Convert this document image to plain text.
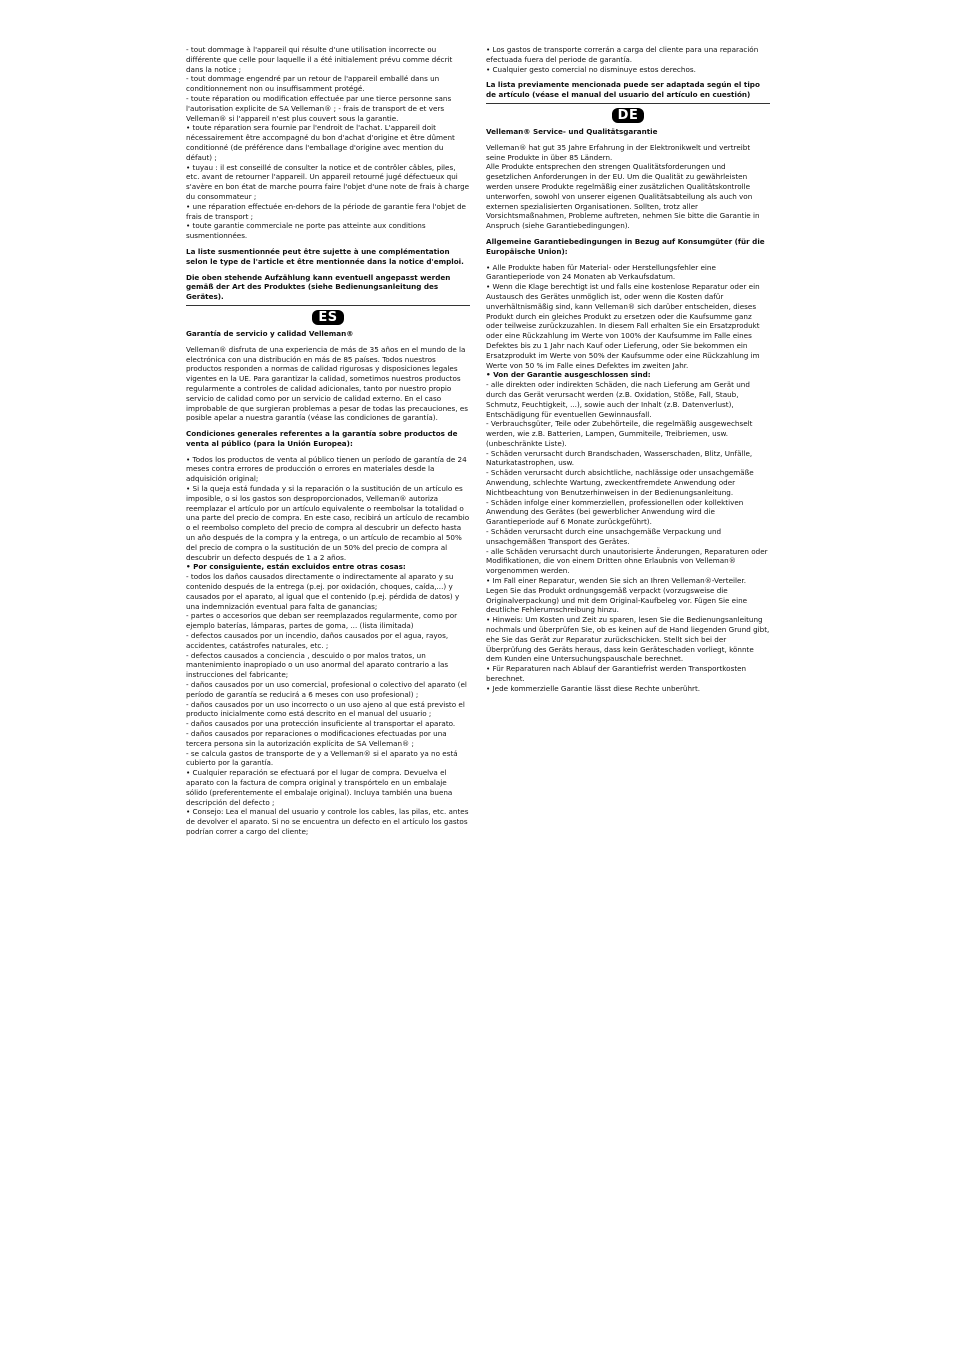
- tout dommage à l'appareil qui résulte d'une utilisation incorrecte ou différente que celle pour laquelle il a été initialement prévu comme décrit dans la notice ;
- tout dommage engendré par un retour de l'appareil emballé dans un conditionnement non ou insuffisamment protégé.
- toute réparation ou modification effectuée par une tierce personne sans l'autorisation explicite de SA Velleman® ; - frais de transport de et vers Velleman® si l'appareil n'est plus couvert sous la garantie.
• toute réparation sera fournie par l'endroit de l'achat. L'appareil doit nécessairement être accompagné du bon d'achat d'origine et être dûment conditionné (de préférence dans l'emballage d'origine avec mention du défaut) ;
• tuyau : il est conseillé de consulter la notice et de contrôler câbles, piles, etc. avant de retourner l'appareil. Un appareil retourné jugé défectueux qui s'avère en bon état de marche pourra faire l'objet d'une note de frais à charge du consommateur ;
• une réparation effectuée en-dehors de la période de garantie fera l'objet de frais de transport ;
• toute garantie commerciale ne porte pas atteinte aux conditions susmentionnées.

La liste susmentionnée peut être sujette à une complémentation selon le type de l'article et être mentionnée dans la notice d'emploi.

Die oben stehende Aufzählung kann eventuell angepasst werden gemäß der Art des Produktes (siehe Bedienungsanleitung des Gerätes).

ES

Garantía de servicio y calidad Velleman®

Velleman® disfruta de una experiencia de más de 35 años en el mundo de la electrónica con una distribución en más de 85 países. Todos nuestros productos responden a normas de calidad rigurosas y disposiciones legales vigentes en la UE. Para garantizar la calidad, sometimos nuestros productos regularmente a controles de calidad adicionales, tanto por nuestro propio servicio de calidad como por un servicio de calidad externo. En el caso improbable de que surgieran problemas a pesar de todas las precauciones, es posible apelar a nuestra garantía (véase las condiciones de garantía).

Condiciones generales referentes a la garantía sobre productos de venta al público (para la Unión Europea):

• Todos los productos de venta al público tienen un período de garantía de 24 meses contra errores de producción o errores en materiales desde la adquisición original;
• Si la queja está fundada y si la reparación o la sustitución de un artículo es imposible, o si los gastos son desproporcionados, Velleman® autoriza reemplazar el artículo por un artículo equivalente o reembolsar la totalidad o una parte del precio de compra. En este caso, recibirá un artículo de recambio o el reembolso completo del precio de compra al descubrir un defecto hasta un año después de la compra y la entrega, o un artículo de recambio al 50% del precio de compra o la sustitución de un 50% del precio de compra al descubrir un defecto después de 1 a 2 años.

• Por consiguiente, están excluidos entre otras cosas:

- todos los daños causados directamente o indirectamente al aparato y su contenido después de la entrega (p.ej. por oxidación, choques, caída,...) y causados por el aparato, al igual que el contenido (p.ej. pérdida de datos) y una indemnización eventual para falta de ganancias;
- partes o accesorios que deban ser reemplazados regularmente, como por ejemplo baterías, lámparas, partes de goma, ... (lista ilimitada)
- defectos causados por un incendio, daños causados por el agua, rayos, accidentes, catástrofes naturales, etc. ;
- defectos causados a conciencia , descuido o por malos tratos, un mantenimiento inapropiado o un uso anormal del aparato contrario a las instrucciones del fabricante;
- daños causados por un uso comercial, profesional o colectivo del aparato (el período de garantía se reducirá a 6 meses con uso profesional) ;
- daños causados por un uso incorrecto o un uso ajeno al que está previsto el producto inicialmente como está descrito en el manual del usuario ;
- daños causados por una protección insuficiente al transportar el aparato.
- daños causados por reparaciones o modificaciones efectuadas por una tercera persona sin la autorización explícita de SA Velleman® ;
- se calcula gastos de transporte de y a Velleman® si el aparato ya no está cubierto por la garantía.
• Cualquier reparación se efectuará por el lugar de compra. Devuelva el aparato con la factura de compra original y transpórtelo en un embalaje sólido (preferentemente el embalaje original). Incluya también una buena descripción del defecto ;
• Consejo: Lea el manual del usuario y controle los cables, las pilas, etc. antes de devolver el aparato. Si no se encuentra un defecto en el artículo los gastos podrían correr a cargo del cliente;

• Los gastos de transporte correrán a carga del cliente para una reparación efectuada fuera del periode de garantía.
• Cualquier gesto comercial no disminuye estos derechos.

La lista previamente mencionada puede ser adaptada según el tipo de artículo (véase el manual del usuario del artículo en cuestión)

DE

Velleman® Service- und Qualitätsgarantie

Velleman® hat gut 35 Jahre Erfahrung in der Elektronikwelt und vertreibt seine Produkte in über 85 Ländern.
Alle Produkte entsprechen den strengen Qualitätsforderungen und gesetzlichen Anforderungen in der EU. Um die Qualität zu gewährleisten werden unsere Produkte regelmäßig einer zusätzlichen Qualitätskontrolle unterworfen, sowohl von unserer eigenen Qualitätsabteilung als auch von externen spezialisierten Organisationen. Sollten, trotz aller Vorsichtsmaßnahmen, Probleme auftreten, nehmen Sie bitte die Garantie in Anspruch (siehe Garantiebedingungen).

Allgemeine Garantiebedingungen in Bezug auf Konsumgüter (für die Europäische Union):

• Alle Produkte haben für Material- oder Herstellungsfehler eine Garantieperiode von 24 Monaten ab Verkaufsdatum.
• Wenn die Klage berechtigt ist und falls eine kostenlose Reparatur oder ein Austausch des Gerätes unmöglich ist, oder wenn die Kosten dafür unverhältnismäßig sind, kann Velleman® sich darüber entscheiden, dieses Produkt durch ein gleiches Produkt zu ersetzen oder die Kaufsumme ganz oder teilweise zurückzuzahlen. In diesem Fall erhalten Sie ein Ersatzprodukt oder eine Rückzahlung im Werte von 100% der Kaufsumme im Falle eines Defektes bis zu 1 Jahr nach Kauf oder Lieferung, oder Sie bekommen ein Ersatzprodukt im Werte von 50% der Kaufsumme oder eine Rückzahlung im Werte von 50 % im Falle eines Defektes im zweiten Jahr.

• Von der Garantie ausgeschlossen sind:

- alle direkten oder indirekten Schäden, die nach Lieferung am Gerät und durch das Gerät verursacht werden (z.B. Oxidation, Stöße, Fall, Staub, Schmutz, Feuchtigkeit, ...), sowie auch der Inhalt (z.B. Datenverlust), Entschädigung für eventuellen Gewinnausfall.
- Verbrauchsgüter, Teile oder Zubehörteile, die regelmäßig ausgewechselt werden, wie z.B. Batterien, Lampen, Gummiteile, Treibriemen, usw. (unbeschränkte Liste).
- Schäden verursacht durch Brandschaden, Wasserschaden, Blitz, Unfälle, Naturkatastrophen, usw.
- Schäden verursacht durch absichtliche, nachlässige oder unsachgemäße Anwendung, schlechte Wartung, zweckentfremdete Anwendung oder Nichtbeachtung von Benutzerhinweisen in der Bedienungsanleitung.
- Schäden infolge einer kommerziellen, professionellen oder kollektiven Anwendung des Gerätes (bei gewerblicher Anwendung wird die Garantieperiode auf 6 Monate zurückgeführt).
- Schäden verursacht durch eine unsachgemäße Verpackung und unsachgemäßen Transport des Gerätes.
- alle Schäden verursacht durch unautorisierte Änderungen, Reparaturen oder Modifikationen, die von einem Dritten ohne Erlaubnis von Velleman® vorgenommen werden.
• Im Fall einer Reparatur, wenden Sie sich an Ihren Velleman®-Verteiler. Legen Sie das Produkt ordnungsgemäß verpackt (vorzugsweise die Originalverpackung) und mit dem Original-Kaufbeleg vor. Fügen Sie eine deutliche Fehlerumschreibung hinzu.
• Hinweis: Um Kosten und Zeit zu sparen, lesen Sie die Bedienungsanleitung nochmals und überprüfen Sie, ob es keinen auf de Hand liegenden Grund gibt, ehe Sie das Gerät zur Reparatur zurückschicken. Stellt sich bei der Überprüfung des Geräts heraus, dass kein Geräteschaden vorliegt, könnte dem Kunden eine Untersuchungspauschale berechnet.
• Für Reparaturen nach Ablauf der Garantiefrist werden Transportkosten berechnet.
• Jede kommerzielle Garantie lässt diese Rechte unberührt.
